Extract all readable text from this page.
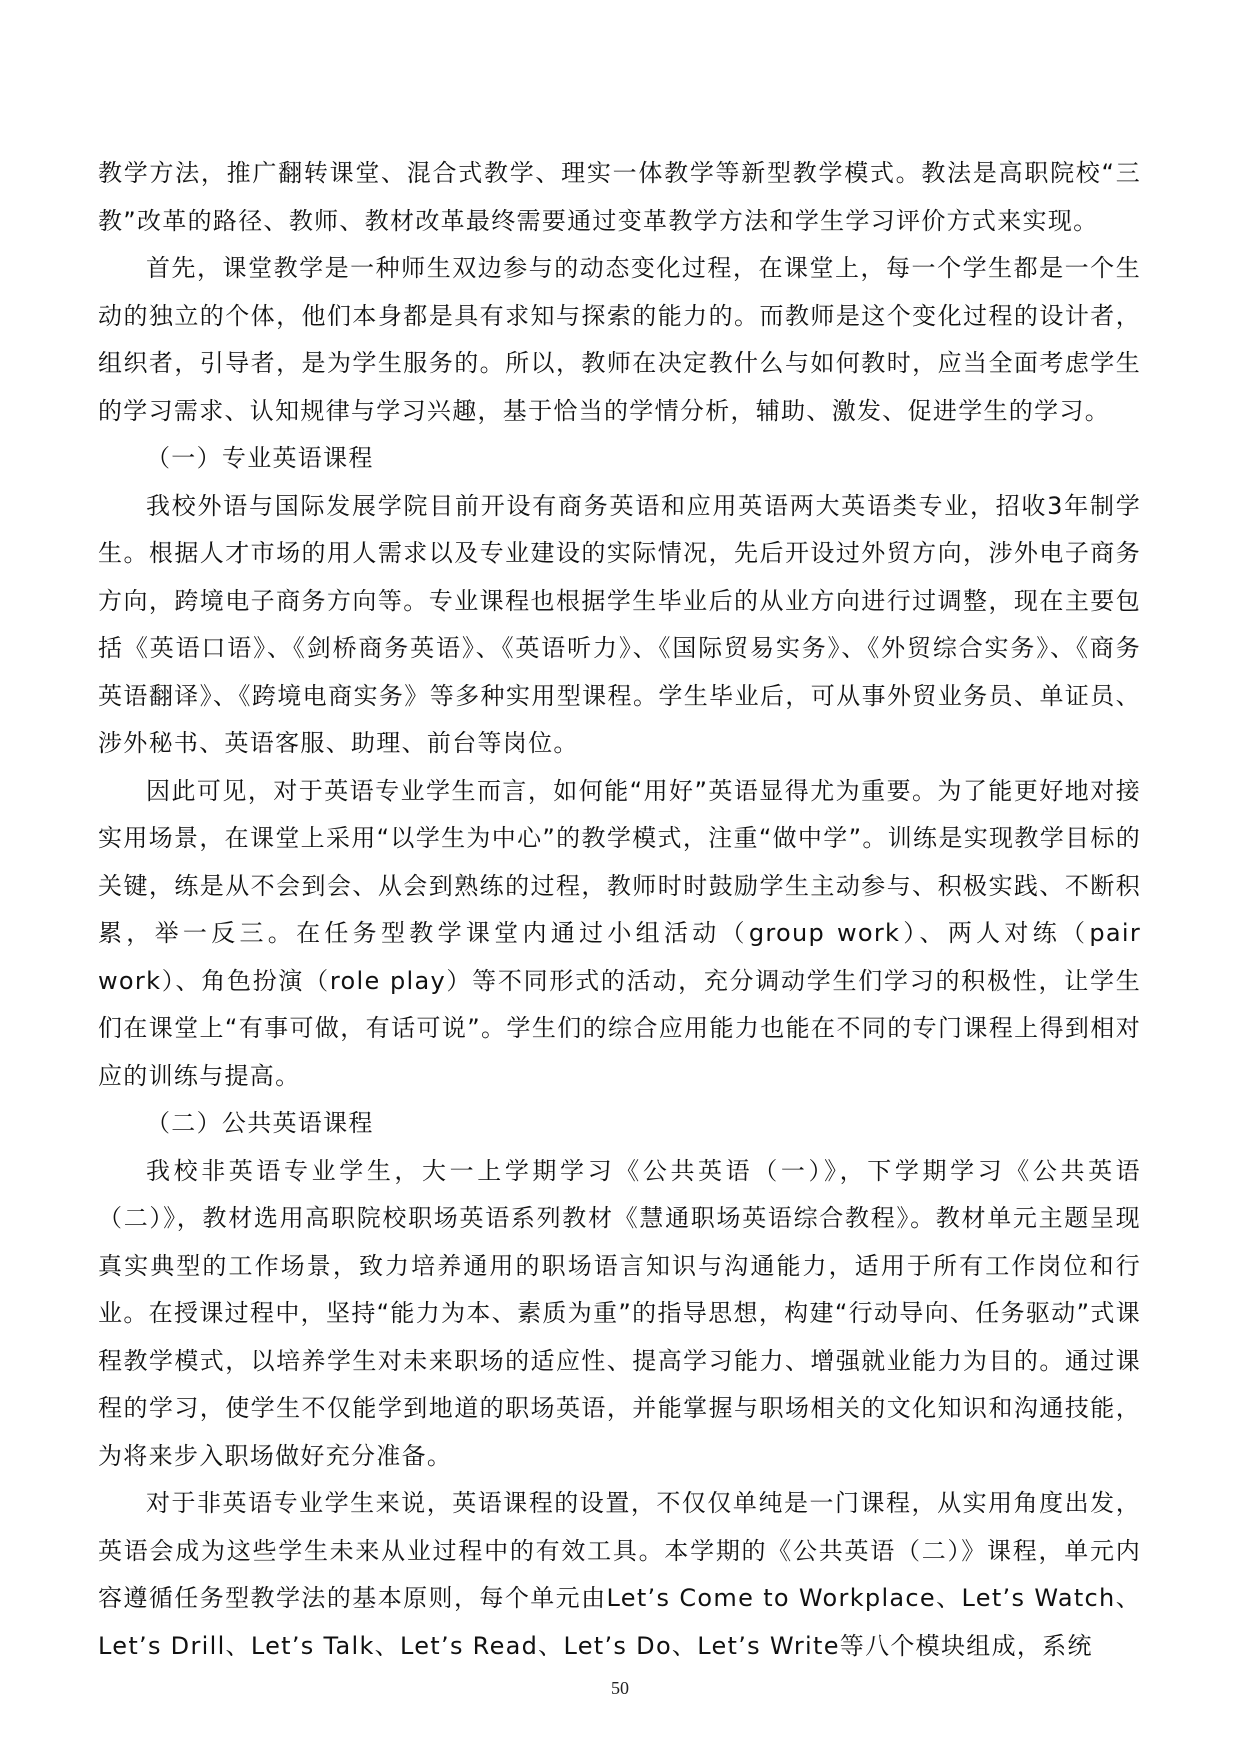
教学方法，推广翻转课堂、混合式教学、理实一体教学等新型教学模式。教法是高职院校“三教”改革的路径、教师、教材改革最终需要通过变革教学方法和学生学习评价方式来实现。

首先，课堂教学是一种师生双边参与的动态变化过程，在课堂上，每一个学生都是一个生动的独立的个体，他们本身都是具有求知与探索的能力的。而教师是这个变化过程的设计者，组织者，引导者，是为学生服务的。所以，教师在决定教什么与如何教时，应当全面考虑学生的学习需求、认知规律与学习兴趣，基于恰当的学情分析，辅助、激发、促进学生的学习。

（一）专业英语课程

我校外语与国际发展学院目前开设有商务英语和应用英语两大英语类专业，招收3年制学生。根据人才市场的用人需求以及专业建设的实际情况，先后开设过外贸方向，涉外电子商务方向，跨境电子商务方向等。专业课程也根据学生毕业后的从业方向进行过调整，现在主要包括《英语口语》、《剑桥商务英语》、《英语听力》、《国际贸易实务》、《外贸综合实务》、《商务英语翻译》、《跨境电商实务》等多种实用型课程。学生毕业后，可从事外贸业务员、单证员、涉外秘书、英语客服、助理、前台等岗位。

因此可见，对于英语专业学生而言，如何能“用好”英语显得尤为重要。为了能更好地对接实用场景，在课堂上采用“以学生为中心”的教学模式，注重“做中学”。训练是实现教学目标的关键，练是从不会到会、从会到熟练的过程，教师时时鼓励学生主动参与、积极实践、不断积累，举一反三。在任务型教学课堂内通过小组活动（group work）、两人对练（pair work）、角色扮演（role play）等不同形式的活动，充分调动学生们学习的积极性，让学生们在课堂上“有事可做，有话可说”。学生们的综合应用能力也能在不同的专门课程上得到相对应的训练与提高。

（二）公共英语课程

我校非英语专业学生，大一上学期学习《公共英语（一）》，下学期学习《公共英语（二）》，教材选用高职院校职场英语系列教材《慧通职场英语综合教程》。教材单元主题呈现真实典型的工作场景，致力培养通用的职场语言知识与沟通能力，适用于所有工作岗位和行业。在授课过程中，坚持“能力为本、素质为重”的指导思想，构建“行动导向、任务驱动”式课程教学模式，以培养学生对未来职场的适应性、提高学习能力、增强就业能力为目的。通过课程的学习，使学生不仅能学到地道的职场英语，并能掌握与职场相关的文化知识和沟通技能，为将来步入职场做好充分准备。

对于非英语专业学生来说，英语课程的设置，不仅仅单纯是一门课程，从实用角度出发，英语会成为这些学生未来从业过程中的有效工具。本学期的《公共英语（二）》课程，单元内容遵循任务型教学法的基本原则，每个单元由Let’s Come to Workplace、Let’s Watch、Let’s Drill、Let’s Talk、Let’s Read、Let’s Do、Let’s Write等八个模块组成，系统

50
